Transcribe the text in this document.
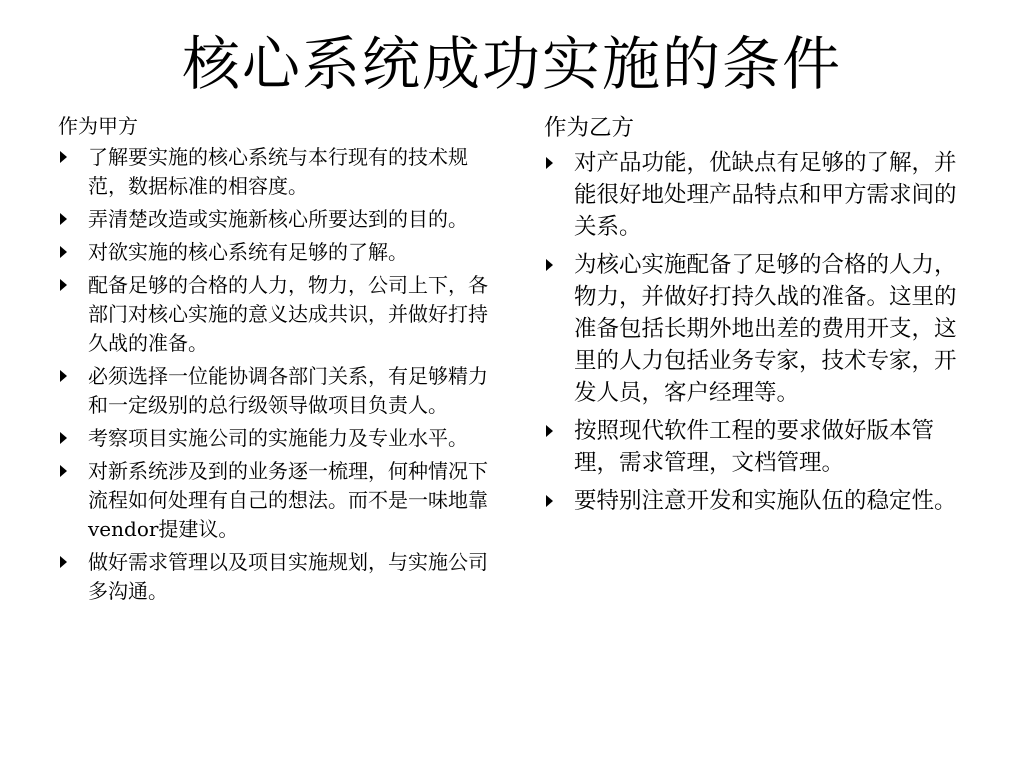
核心系统成功实施的条件
作为甲方
了解要实施的核心系统与本行现有的技术规范，数据标准的相容度。
弄清楚改造或实施新核心所要达到的目的。
对欲实施的核心系统有足够的了解。
配备足够的合格的人力，物力，公司上下，各部门对核心实施的意义达成共识，并做好打持久战的准备。
必须选择一位能协调各部门关系，有足够精力和一定级别的总行级领导做项目负责人。
考察项目实施公司的实施能力及专业水平。
对新系统涉及到的业务逐一梳理，何种情况下流程如何处理有自己的想法。而不是一味地靠vendor提建议。
做好需求管理以及项目实施规划，与实施公司多沟通。
作为乙方
对产品功能，优缺点有足够的了解，并能很好地处理产品特点和甲方需求间的关系。
为核心实施配备了足够的合格的人力，物力，并做好打持久战的准备。这里的准备包括长期外地出差的费用开支，这里的人力包括业务专家，技术专家，开发人员，客户经理等。
按照现代软件工程的要求做好版本管理，需求管理，文档管理。
要特别注意开发和实施队伍的稳定性。
